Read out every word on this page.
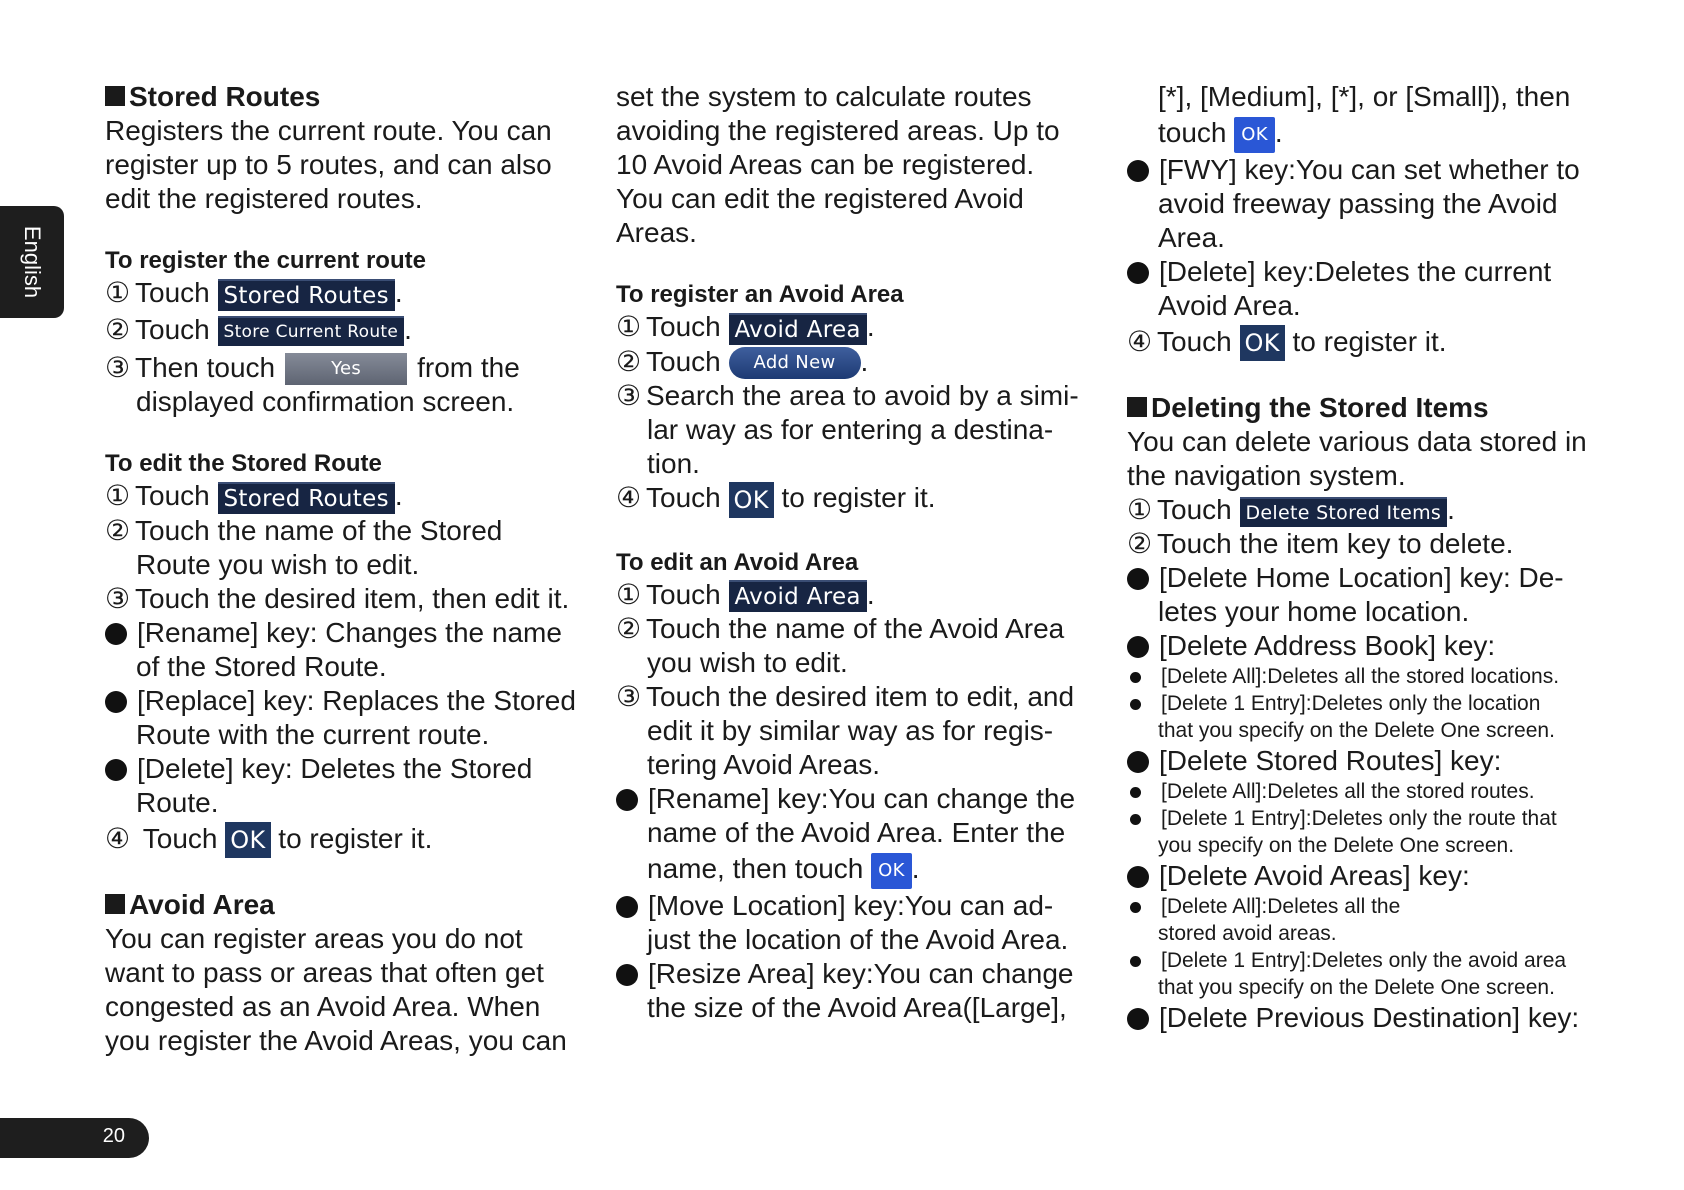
English
20

Stored Routes

Registers the current route. You can

register up to 5 routes, and can also

edit the registered routes.

To register the current route

① Touch Stored Routes .
② Touch Store Current Route .
③ Then touch	Yes from the

displayed confirmation screen.

To edit the Stored Route

① Touch Stored Routes .
② Touch the name of the Stored

Route you wish to edit.

③ Touch the desired item, then edit it.
[Rename] key: Changes the name

of the Stored Route.

[Replace] key: Replaces the Stored

Route with the current route.

[Delete] key: Deletes the Stored

Route.

④ Touch OK to register it.

Avoid Area

You can register areas you do not

want to pass or areas that often get

congested as an Avoid Area. When

you register the Avoid Areas, you can

set the system to calculate routes

avoiding the registered areas. Up to

10 Avoid Areas can be registered.

You can edit the registered Avoid

Areas.

To register an Avoid Area

① Touch Avoid Area .
② Touch Add New .
③ Search the area to avoid by a simi-

lar way as for entering a destina-

tion.

④ Touch OK to register it.

To edit an Avoid Area

① Touch Avoid Area .
② Touch the name of the Avoid Area

you wish to edit.

③ Touch the desired item to edit, and

edit it by similar way as for regis-

tering Avoid Areas.

[Rename] key:You can change the

name of the Avoid Area. Enter the

name, then touch OK .

[Move Location] key:You can ad-

just the location of the Avoid Area.

[Resize Area] key:You can change

the size of the Avoid Area([Large],

[*], [Medium], [*], or [Small]), then

touch OK .

[FWY] key:You can set whether to

avoid freeway passing the Avoid

Area.

[Delete] key:Deletes the current

Avoid Area.

④ Touch OK to register it.

Deleting the Stored Items

You can delete various data stored in

the navigation system.

① Touch Delete Stored Items .
② Touch the item key to delete.
[Delete Home Location] key: De-

letes your home location.

[Delete Address Book] key:
[Delete All]:Deletes all the stored locations.
[Delete 1 Entry]:Deletes only the location

that you specify on the Delete One screen.

[Delete Stored Routes] key:
[Delete All]:Deletes all the stored routes.
[Delete 1 Entry]:Deletes only the route that

you specify on the Delete One screen.

[Delete Avoid Areas] key:
[Delete All]:Deletes all the

stored avoid areas.

[Delete 1 Entry]:Deletes only the avoid area

that you specify on the Delete One screen.

[Delete Previous Destination] key:
